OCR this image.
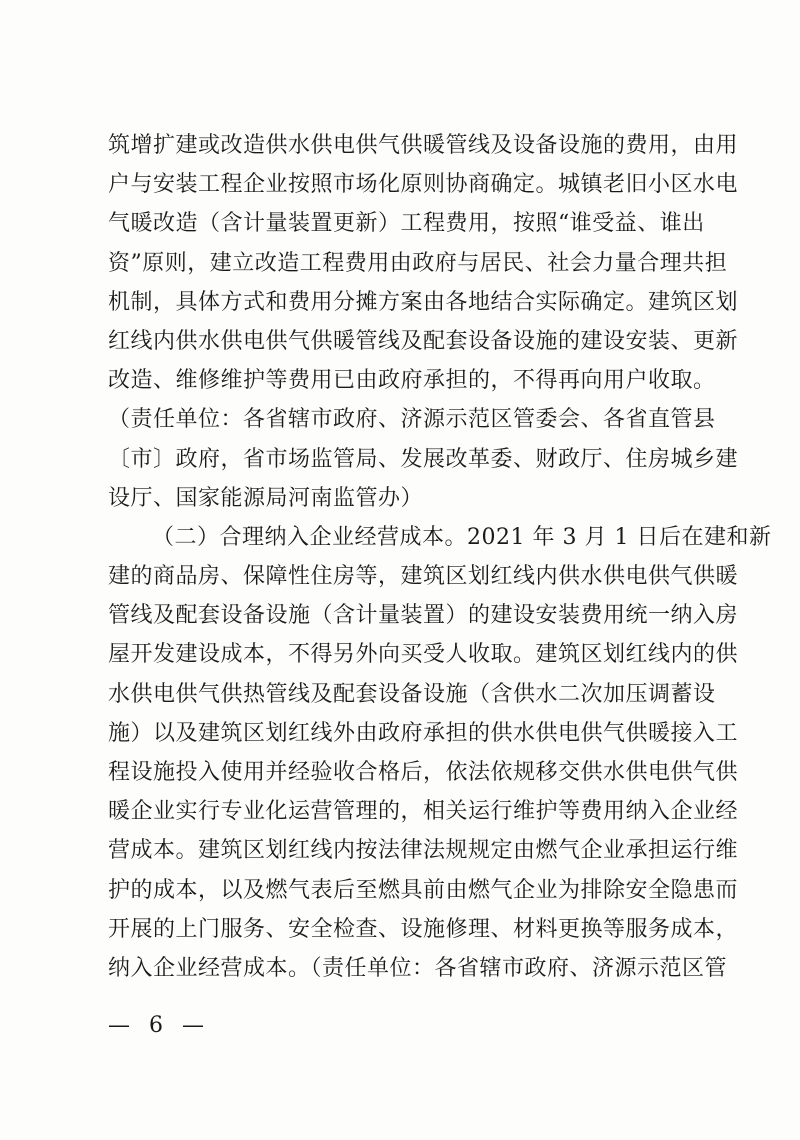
筑增扩建或改造供水供电供气供暖管线及设备设施的费用，由用
户与安装工程企业按照市场化原则协商确定。城镇老旧小区水电
气暖改造（含计量装置更新）工程费用，按照“谁受益、谁出
资”原则，建立改造工程费用由政府与居民、社会力量合理共担
机制，具体方式和费用分摊方案由各地结合实际确定。建筑区划
红线内供水供电供气供暖管线及配套设备设施的建设安装、更新
改造、维修维护等费用已由政府承担的，不得再向用户收取。
（责任单位：各省辖市政府、济源示范区管委会、各省直管县
〔市〕政府，省市场监管局、发展改革委、财政厅、住房城乡建
设厅、国家能源局河南监管办）
（二）合理纳入企业经营成本。2021 年 3 月 1 日后在建和新
建的商品房、保障性住房等，建筑区划红线内供水供电供气供暖
管线及配套设备设施（含计量装置）的建设安装费用统一纳入房
屋开发建设成本，不得另外向买受人收取。建筑区划红线内的供
水供电供气供热管线及配套设备设施（含供水二次加压调蓄设
施）以及建筑区划红线外由政府承担的供水供电供气供暖接入工
程设施投入使用并经验收合格后，依法依规移交供水供电供气供
暖企业实行专业化运营管理的，相关运行维护等费用纳入企业经
营成本。建筑区划红线内按法律法规规定由燃气企业承担运行维
护的成本，以及燃气表后至燃具前由燃气企业为排除安全隐患而
开展的上门服务、安全检查、设施修理、材料更换等服务成本，
纳入企业经营成本。（责任单位：各省辖市政府、济源示范区管
— 6 —
